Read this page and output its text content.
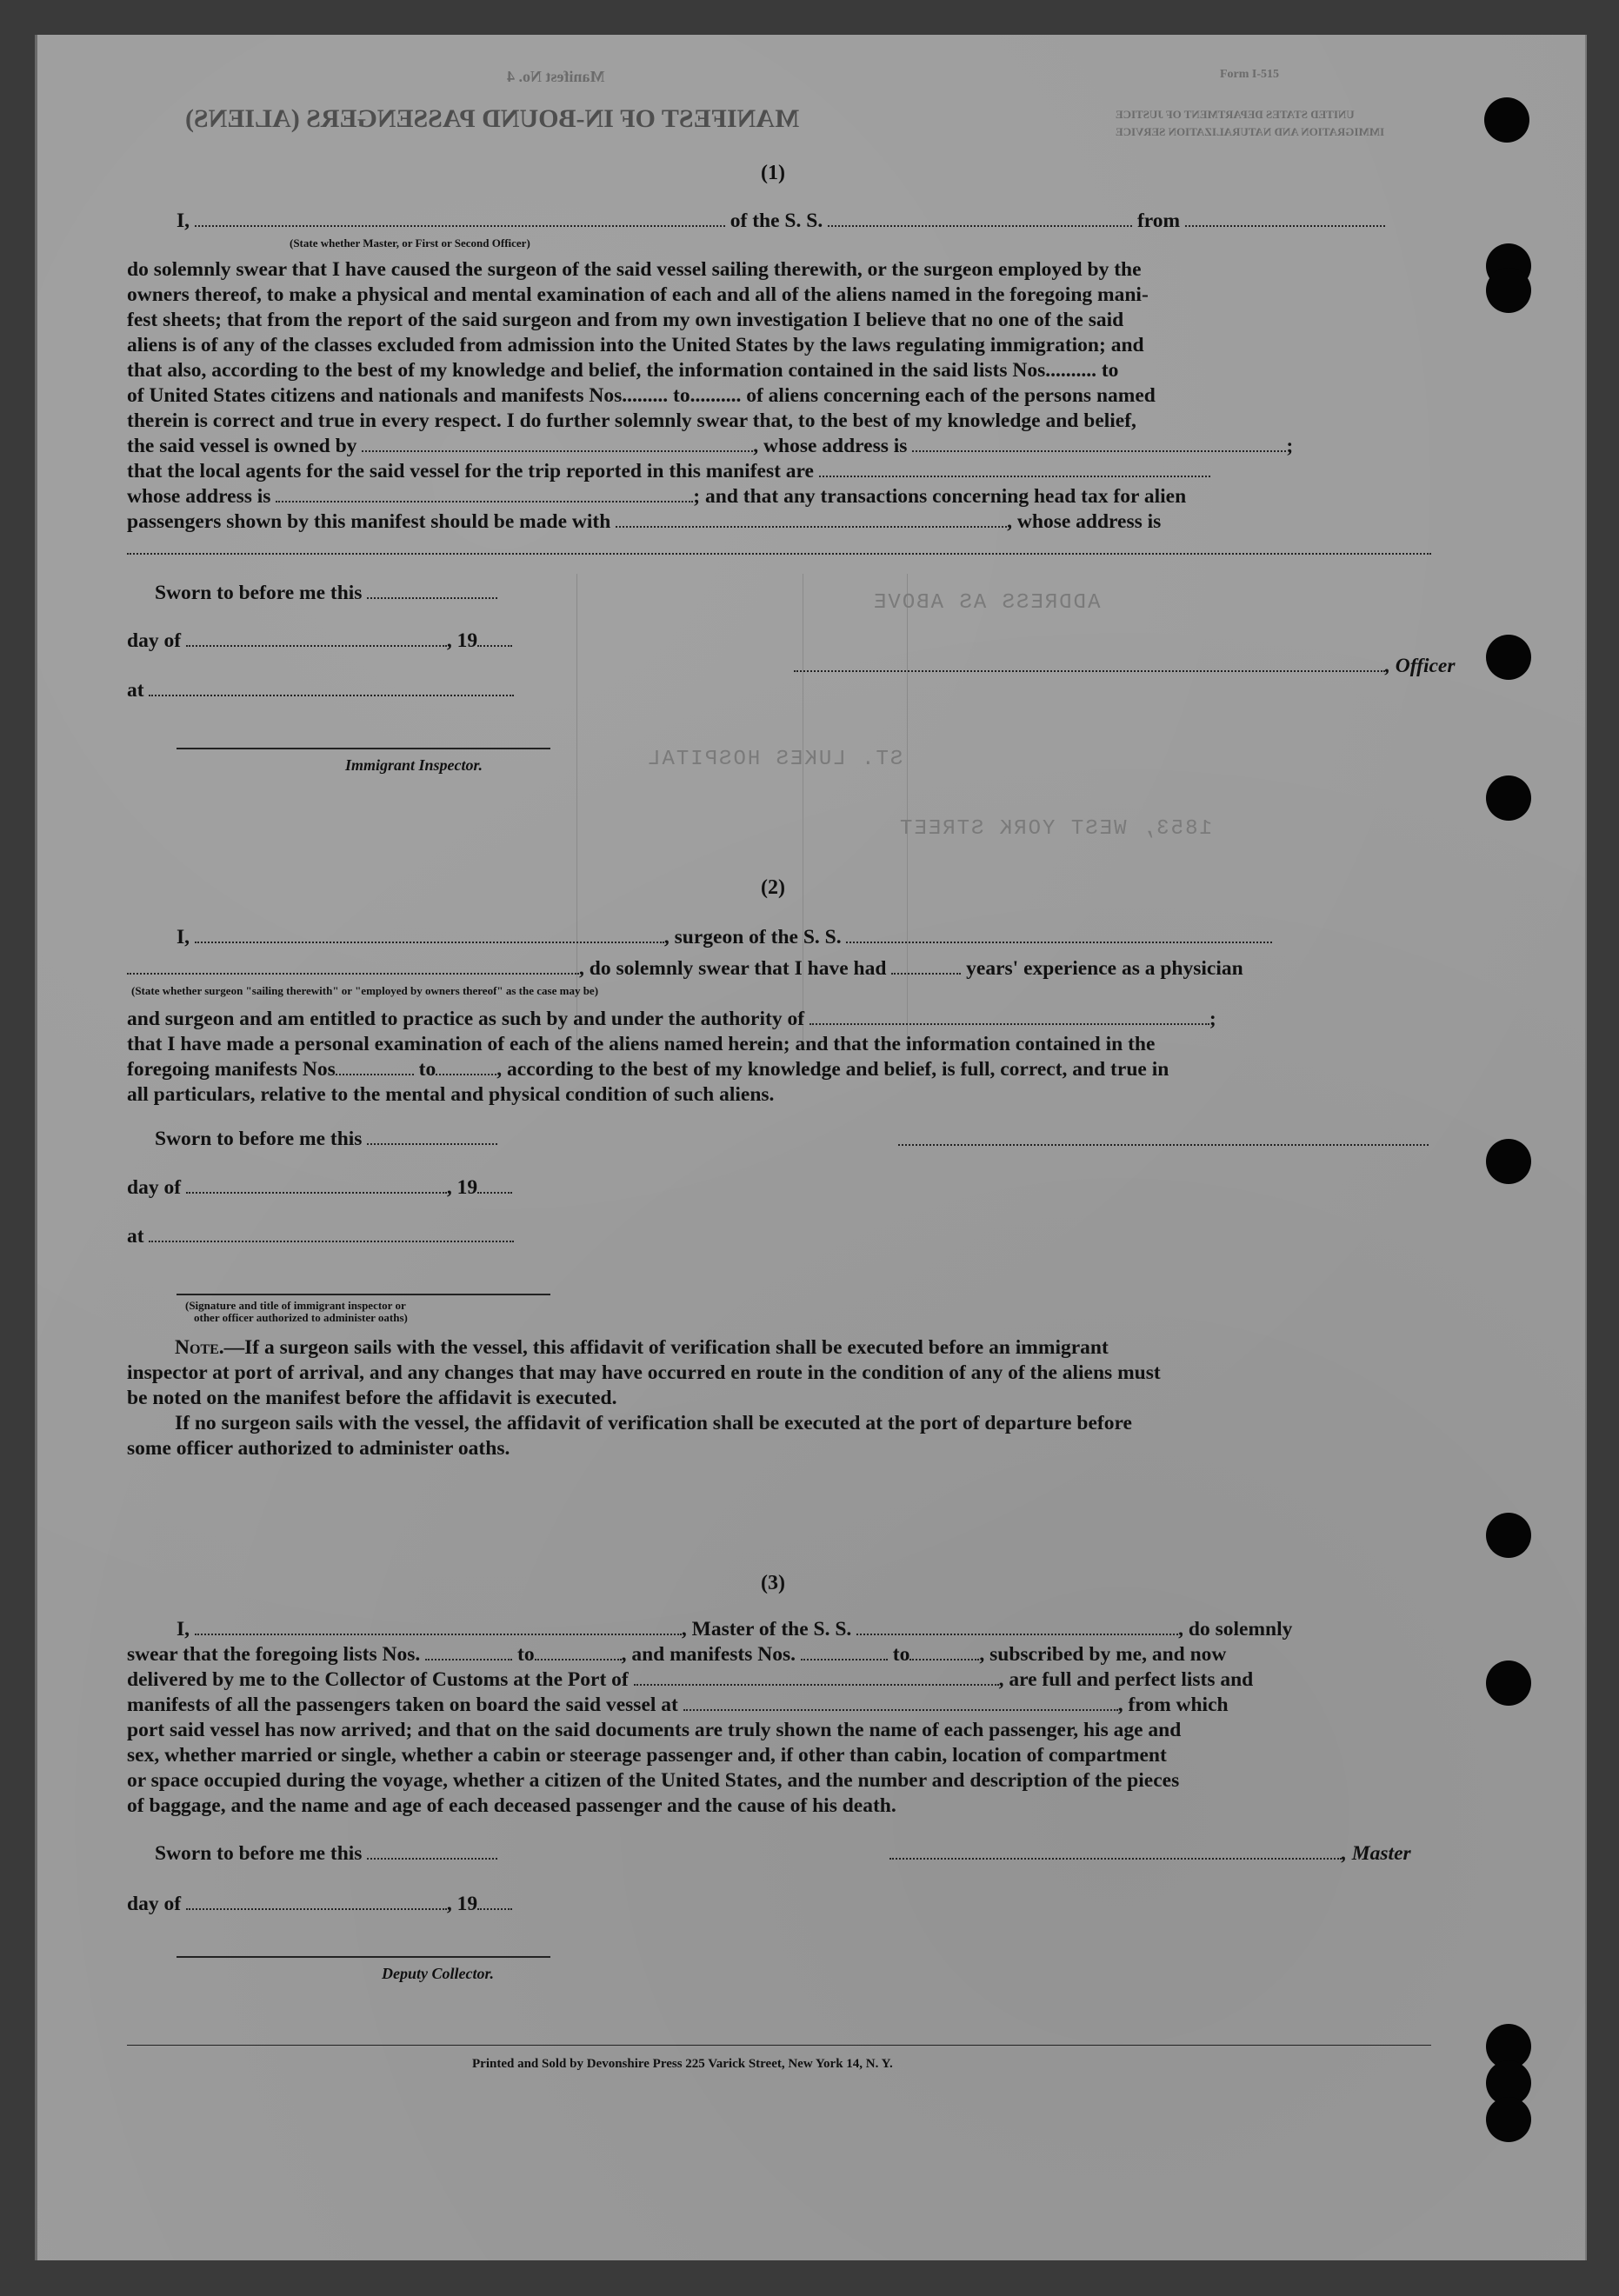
Manifest No. 4
MANIFEST OF IN-BOUND PASSENGERS (ALIENS)
Form I-515
UNITED STATES DEPARTMENT OF JUSTICE
IMMIGRATION AND NATURALIZATION SERVICE
(1)
I,	of the S. S.	from
(State whether Master, or First or Second Officer)
do solemnly swear that I have caused the surgeon of the said vessel sailing therewith, or the surgeon employed by the
owners thereof, to make a physical and mental examination of each and all of the aliens named in the foregoing mani-
fest sheets; that from the report of the said surgeon and from my own investigation I believe that no one of the said
aliens is of any of the classes excluded from admission into the United States by the laws regulating immigration; and
that also, according to the best of my knowledge and belief, the information contained in the said lists Nos.......... to
of United States citizens and nationals and manifests Nos......... to.......... of aliens concerning each of the persons named
therein is correct and true in every respect. I do further solemnly swear that, to the best of my knowledge and belief,
the said vessel is owned by	, whose address is	;
that the local agents for the said vessel for the trip reported in this manifest are
whose address is	; and that any transactions concerning head tax for alien
passengers shown by this manifest should be made with	, whose address is
Sworn to before me this
day of	, 19
at
, Officer
Immigrant Inspector.
ADDRESS AS ABOVE
ST. LUKES HOSPITAL
1853, WEST YORK STREET
(2)
I,	, surgeon of the S. S.
, do solemnly swear that I have had	years' experience as a physician
(State whether surgeon "sailing therewith" or "employed by owners thereof" as the case may be)
and surgeon and am entitled to practice as such by and under the authority of	;
that I have made a personal examination of each of the aliens named herein; and that the information contained in the
foregoing manifests Nos	to	, according to the best of my knowledge and belief, is full, correct, and true in
all particulars, relative to the mental and physical condition of such aliens.
Sworn to before me this
day of	, 19
at
(Signature and title of immigrant inspector or
other officer authorized to administer oaths)
Note.—If a surgeon sails with the vessel, this affidavit of verification shall be executed before an immigrant
inspector at port of arrival, and any changes that may have occurred en route in the condition of any of the aliens must
be noted on the manifest before the affidavit is executed.
If no surgeon sails with the vessel, the affidavit of verification shall be executed at the port of departure before
some officer authorized to administer oaths.
(3)
I,	, Master of the S. S.	, do solemnly
swear that the foregoing lists Nos.	to	, and manifests Nos.	to	, subscribed by me, and now
delivered by me to the Collector of Customs at the Port of	, are full and perfect lists and
manifests of all the passengers taken on board the said vessel at	, from which
port said vessel has now arrived; and that on the said documents are truly shown the name of each passenger, his age and
sex, whether married or single, whether a cabin or steerage passenger and, if other than cabin, location of compartment
or space occupied during the voyage, whether a citizen of the United States, and the number and description of the pieces
of baggage, and the name and age of each deceased passenger and the cause of his death.
Sworn to before me this	, Master
day of	, 19
Deputy Collector.
Printed and Sold by Devonshire Press 225 Varick Street, New York 14, N. Y.
